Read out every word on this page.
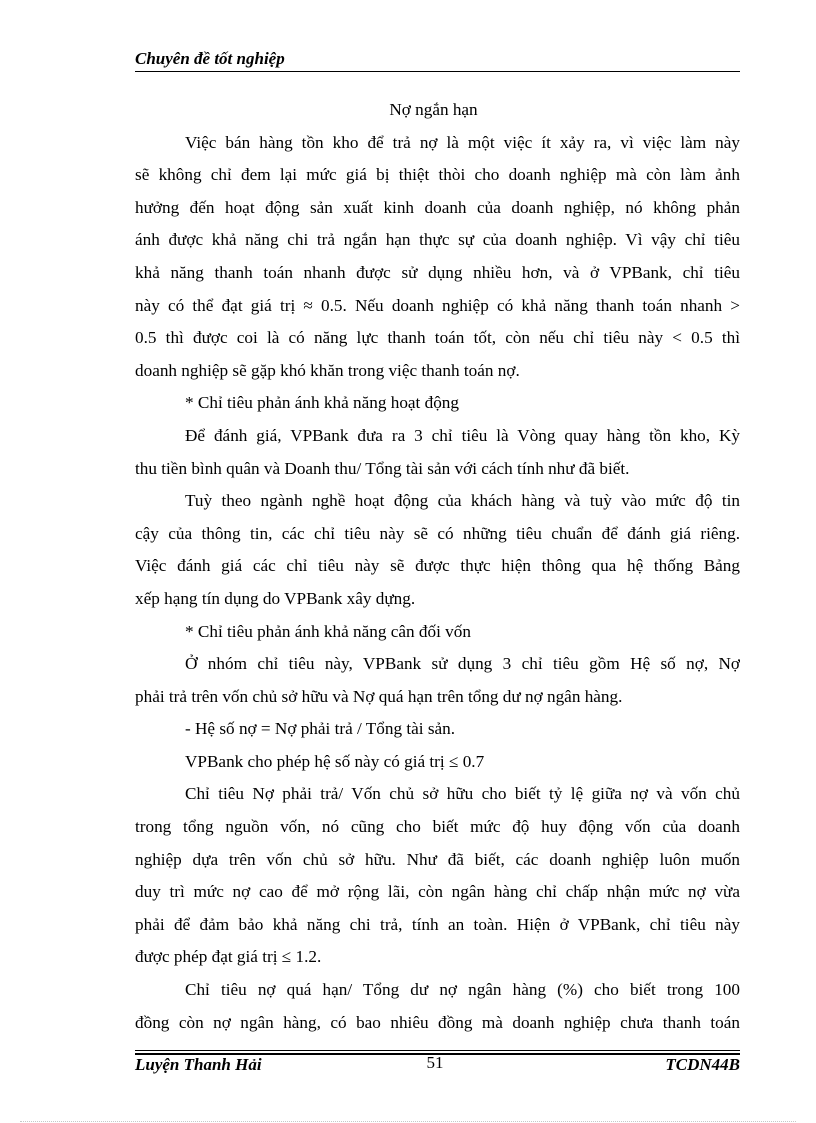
Chuyên đề tốt nghiệp
Nợ ngắn hạn
Việc bán hàng tồn kho để trả nợ là một việc ít xảy ra, vì việc làm này
sẽ không chỉ đem lại mức giá bị thiệt thòi cho doanh nghiệp mà còn làm ảnh
hưởng đến hoạt động sản xuất kinh doanh của doanh nghiệp, nó không phản
ánh được khả năng chi trả ngắn hạn thực sự của doanh nghiệp. Vì vậy chỉ tiêu
khả năng thanh toán nhanh được sử dụng nhiều hơn, và ở VPBank, chỉ tiêu
này có thể đạt giá trị ≈ 0.5. Nếu doanh nghiệp có khả năng thanh toán nhanh >
0.5 thì được coi là có năng lực thanh toán tốt, còn nếu chỉ tiêu này < 0.5 thì
doanh nghiệp sẽ gặp khó khăn trong việc thanh toán nợ.
* Chỉ tiêu phản ánh khả năng hoạt động
Để đánh giá, VPBank đưa ra 3 chỉ tiêu là Vòng quay hàng tồn kho, Kỳ
thu tiền bình quân và Doanh thu/ Tổng tài sản với cách tính như đã biết.
Tuỳ theo ngành nghề hoạt động của khách hàng và tuỳ vào mức độ tin
cậy của thông tin, các chỉ tiêu này sẽ có những tiêu chuẩn để đánh giá riêng.
Việc đánh giá các chỉ tiêu này sẽ được thực hiện thông qua hệ thống Bảng
xếp hạng tín dụng do VPBank xây dựng.
* Chỉ tiêu phản ánh khả năng cân đối vốn
Ở nhóm chỉ tiêu này, VPBank sử dụng 3 chỉ tiêu gồm Hệ số nợ, Nợ
phải trả trên vốn chủ sở hữu và Nợ quá hạn trên tổng dư nợ ngân hàng.
- Hệ số nợ = Nợ phải trả / Tổng tài sản.
VPBank cho phép hệ số này có giá trị ≤ 0.7
Chỉ tiêu Nợ phải trả/ Vốn chủ sở hữu cho biết tỷ lệ giữa nợ và vốn chủ
trong tổng nguồn vốn, nó cũng cho biết mức độ huy động vốn của doanh
nghiệp dựa trên vốn chủ sở hữu. Như đã biết, các doanh nghiệp luôn muốn
duy trì mức nợ cao để mở rộng lãi, còn ngân hàng chỉ chấp nhận mức nợ vừa
phải để đảm bảo khả năng chi trả, tính an toàn. Hiện ở VPBank, chỉ tiêu này
được phép đạt giá trị ≤ 1.2.
Chỉ tiêu nợ quá hạn/ Tổng dư nợ ngân hàng (%) cho biết trong 100
đồng còn nợ ngân hàng, có bao nhiêu đồng mà doanh nghiệp chưa thanh toán
Luyện Thanh Hải	51	TCDN44B
